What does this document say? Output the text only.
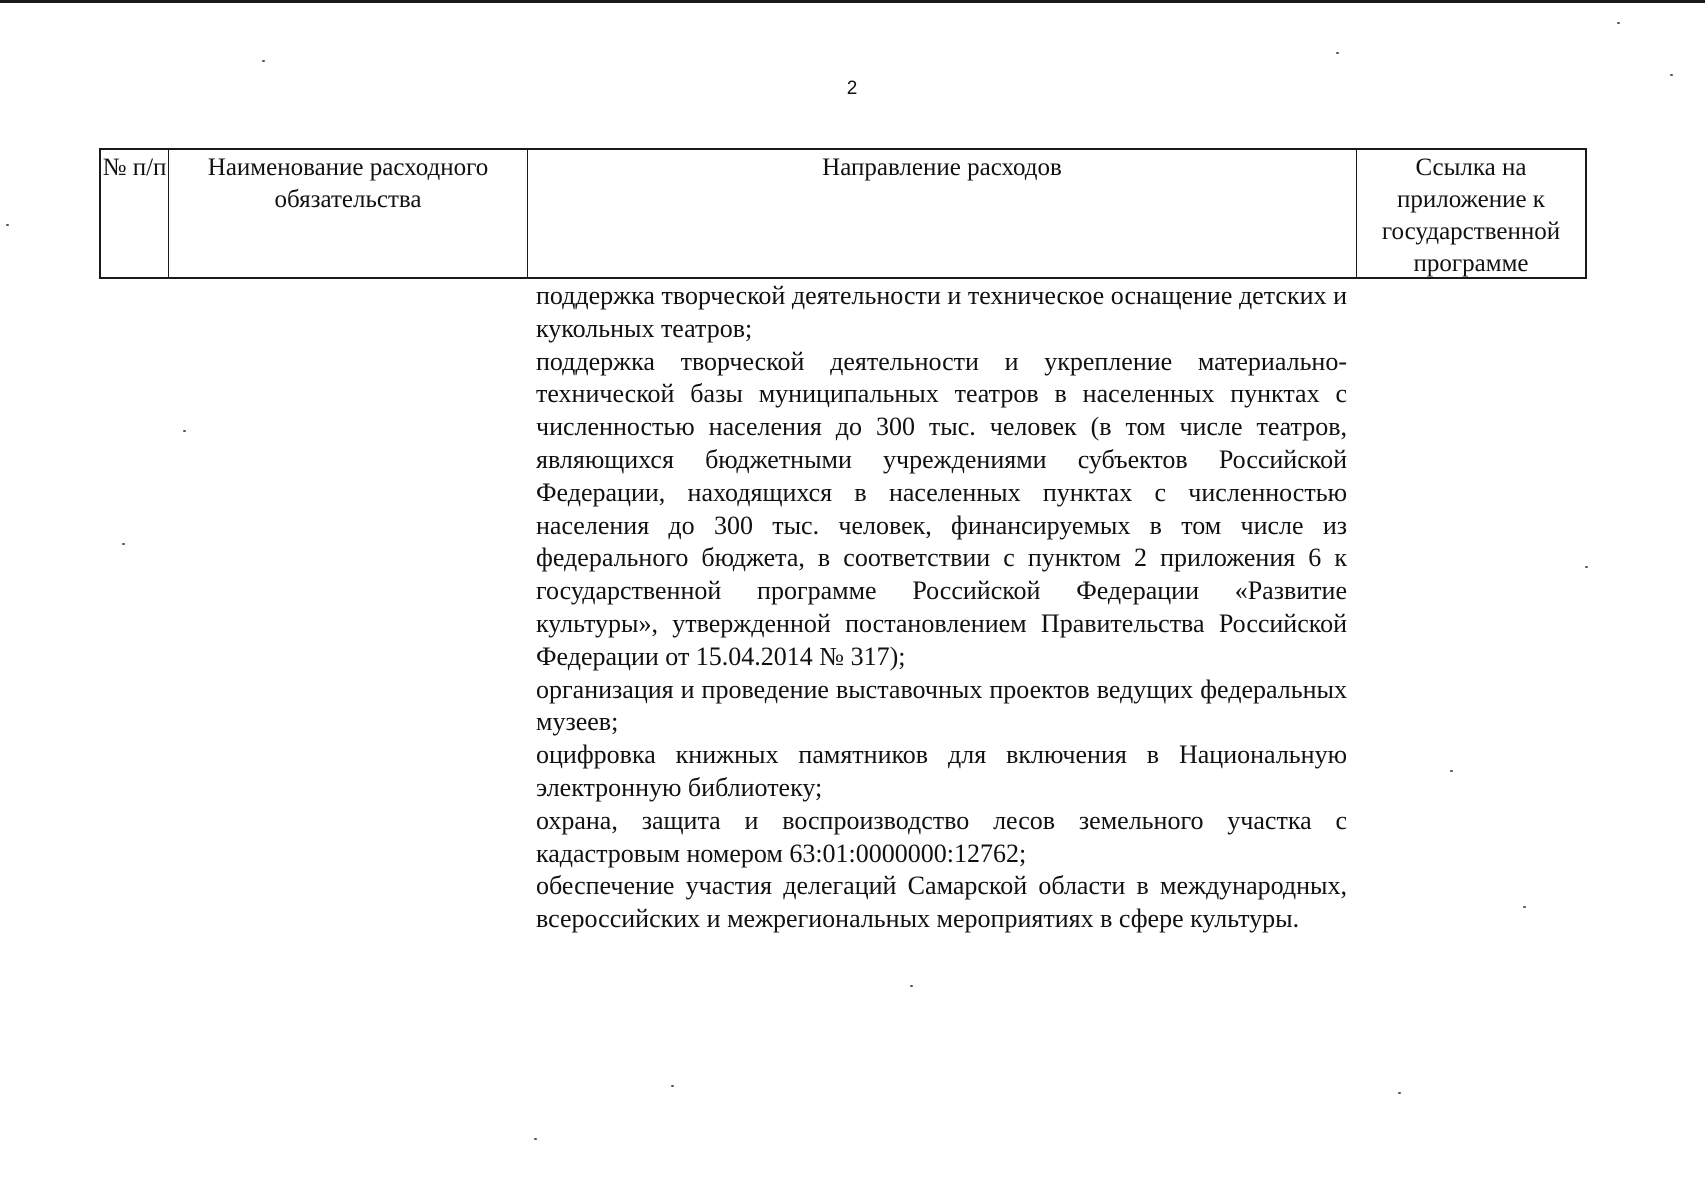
2
№ п/п	Наименование расходного обязательства
Направление расходов	Ссылка на приложение к государственной программе

поддержка творческой деятельности и техническое оснащение детских и кукольных театров;

поддержка творческой деятельности и укрепление материально-технической базы муниципальных театров в населенных пунктах с численностью населения до 300 тыс. человек (в том числе театров, являющихся бюджетными учреждениями субъектов Российской Федерации, находящихся в населенных пунктах с численностью населения до 300 тыс. человек, финансируемых в том числе из федерального бюджета, в соответствии с пунктом 2 приложения 6 к государственной программе Российской Федерации «Развитие культуры», утвержденной постановлением Правительства Российской Федерации от 15.04.2014 № 317);

организация и проведение выставочных проектов ведущих федеральных музеев;

оцифровка книжных памятников для включения в Национальную электронную библиотеку;

охрана, защита и воспроизводство лесов земельного участка с кадастровым номером 63:01:0000000:12762;

обеспечение участия делегаций Самарской области в международных, всероссийских и межрегиональных мероприятиях в сфере культуры.
